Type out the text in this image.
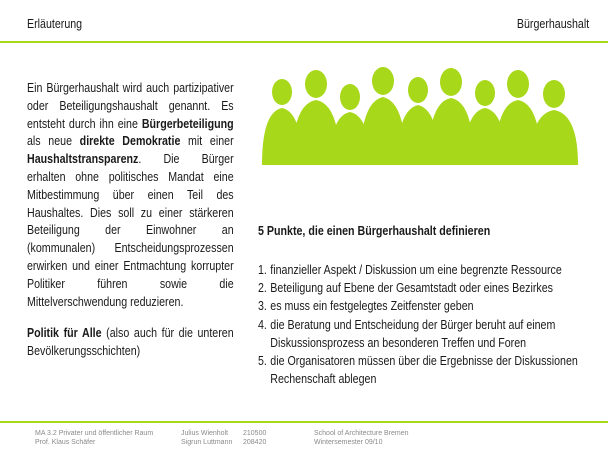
Erläuterung	Bürgerhaushalt

Ein Bürgerhaushalt wird auch partizipativer oder Beteiligungshaushalt genannt. Es entsteht durch ihn eine Bürgerbeteiligung als neue direkte Demokratie mit einer Haushaltstransparenz. Die Bürger erhalten ohne politisches Mandat eine Mitbestimmung über einen Teil des Haushaltes. Dies soll zu einer stärkeren Beteiligung der Einwohner an (kommunalen) Entscheidungsprozessen erwirken und einer Entmachtung korrupter Politiker führen sowie die Mittelverschwendung reduzieren.

Politik für Alle (also auch für die unteren Bevölkerungsschichten)

5 Punkte, die einen Bürgerhaushalt definieren

1. finanzieller Aspekt / Diskussion um eine begrenzte Ressource
2. Beteiligung auf Ebene der Gesamtstadt oder eines Bezirkes
3. es muss ein festgelegtes Zeitfenster geben
4. die Beratung und Entscheidung der Bürger beruht auf einem Diskussionsprozess an besonderen Treffen und Foren
5. die Organisatoren müssen über die Ergebnisse der Diskussionen Rechenschaft ablegen
MA 3.2 Privater und öffentlicher Raum
Prof. Klaus Schäfer
Julius Wienholt
Sigrun Luttmann
210500
208420
School of Architecture Bremen
Wintersemester 09/10
